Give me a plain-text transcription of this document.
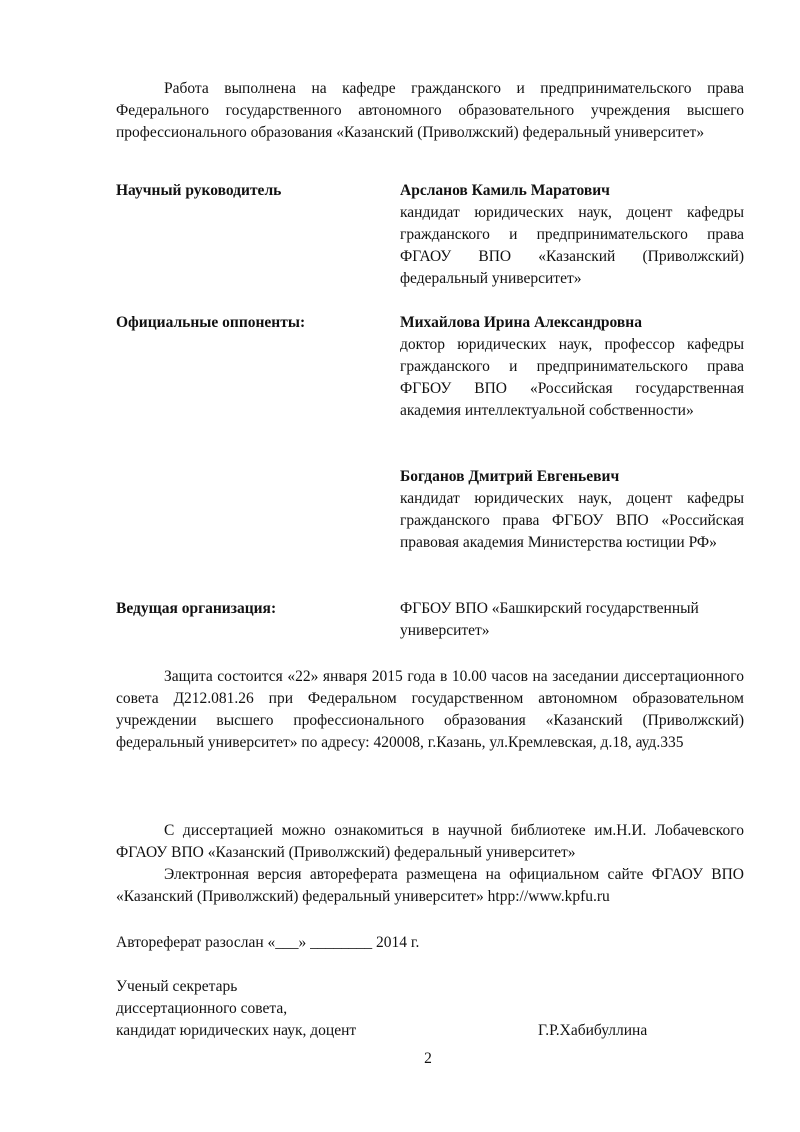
Работа выполнена на кафедре гражданского и предпринимательского права Федерального государственного автономного образовательного учреждения высшего профессионального образования «Казанский (Приволжский) федеральный университет»

Научный руководитель	Арсланов Камиль Маратович
кандидат юридических наук, доцент кафедры гражданского и предпринимательского права ФГАОУ ВПО «Казанский (Приволжский) федеральный университет»
Официальные оппоненты:	Михайлова Ирина Александровна
доктор юридических наук, профессор кафедры гражданского и предпринимательского права ФГБОУ ВПО «Российская государственная академия интеллектуальной собственности»
Богданов Дмитрий Евгеньевич
кандидат юридических наук, доцент кафедры гражданского права ФГБОУ ВПО «Российская правовая академия Министерства юстиции РФ»
Ведущая организация:	ФГБОУ ВПО «Башкирский государственный университет»

Защита состоится «22» января 2015 года в 10.00 часов на заседании диссертационного совета Д212.081.26 при Федеральном государственном автономном образовательном учреждении высшего профессионального образования «Казанский (Приволжский) федеральный университет» по адресу: 420008, г.Казань, ул.Кремлевская, д.18, ауд.335

С диссертацией можно ознакомиться в научной библиотеке им.Н.И. Лобачевского ФГАОУ ВПО «Казанский (Приволжский) федеральный университет»

Электронная версия автореферата размещена на официальном сайте ФГАОУ ВПО «Казанский (Приволжский) федеральный университет» htpp://www.kpfu.ru

Автореферат разослан «___» ________ 2014 г.

Ученый секретарь
диссертационного совета,
кандидат юридических наук, доцент	Г.Р.Хабибуллина
2
